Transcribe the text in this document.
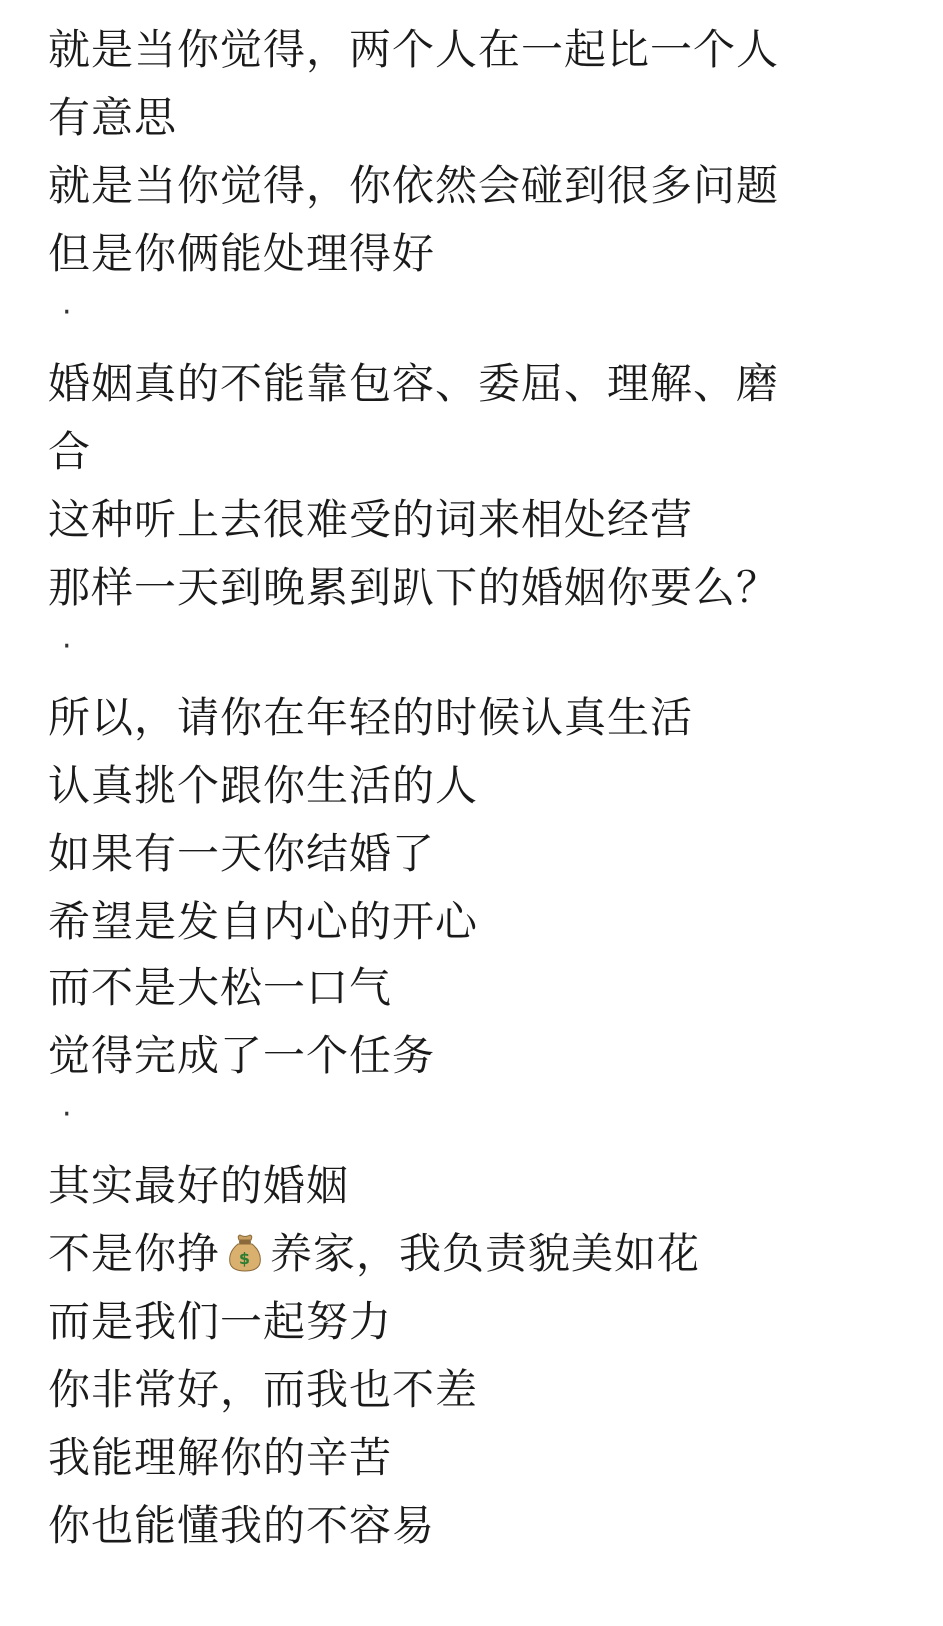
就是当你觉得，两个人在一起比一个人
有意思
就是当你觉得，你依然会碰到很多问题
但是你俩能处理得好
·
婚姻真的不能靠包容、委屈、理解、磨
合
这种听上去很难受的词来相处经营
那样一天到晚累到趴下的婚姻你要么？
·
所以，请你在年轻的时候认真生活
认真挑个跟你生活的人
如果有一天你结婚了
希望是发自内心的开心
而不是大松一口气
觉得完成了一个任务
·
其实最好的婚姻
不是你挣 $ 养家，我负责貌美如花
而是我们一起努力
你非常好，而我也不差
我能理解你的辛苦
你也能懂我的不容易
